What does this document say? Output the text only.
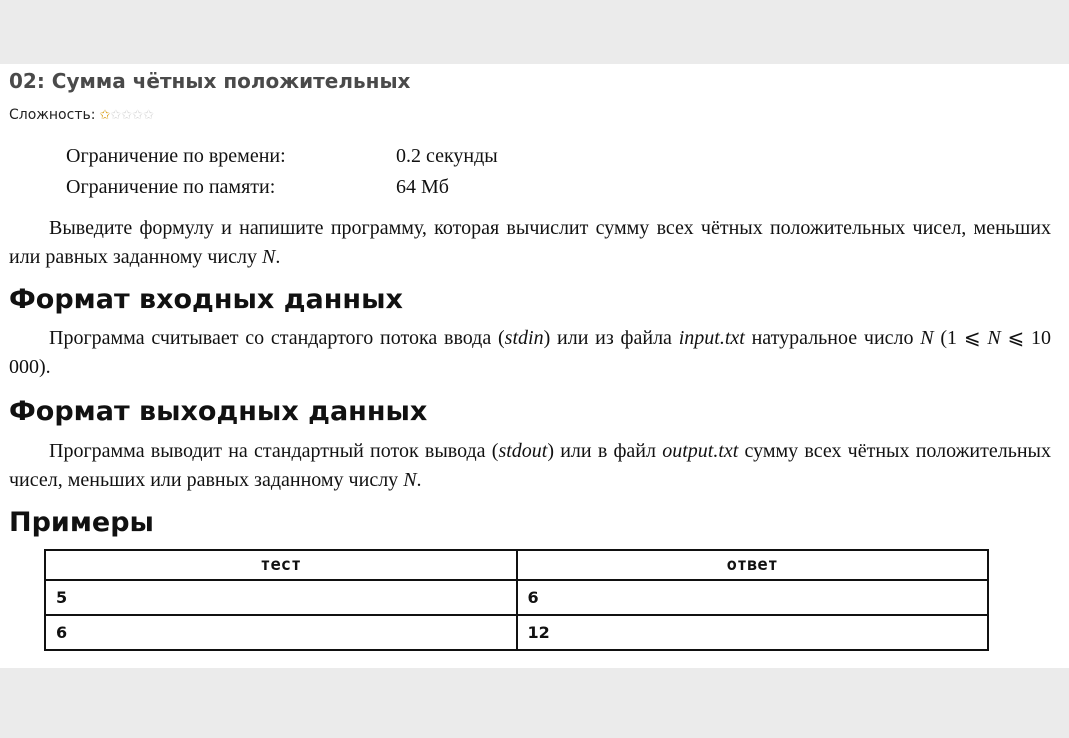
02: Сумма чётных положительных
Сложность: ✩ ✩ ✩ ✩ ✩
Ограничение по времени:	0.2 секунды
Ограничение по памяти:	64 Мб
Выведите формулу и напишите программу, которая вычислит сумму всех чётных положительных чисел, меньших или равных заданному числу N.
Формат входных данных
Программа считывает со стандартого потока ввода (stdin) или из файла input.txt натуральное число N (1 ⩽ N ⩽ 10 000).
Формат выходных данных
Программа выводит на стандартный поток вывода (stdout) или в файл output.txt сумму всех чётных положительных чисел, меньших или равных заданному числу N.
Примеры
тест	ответ
5	6
6	12
